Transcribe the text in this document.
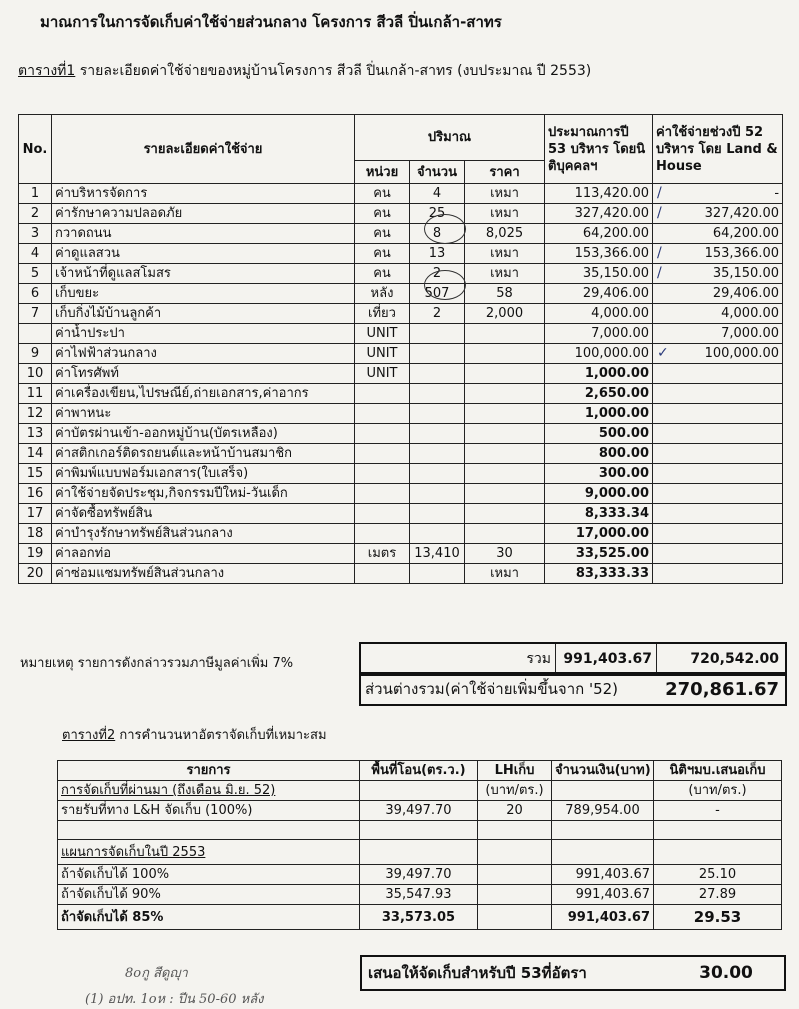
มาณการในการจัดเก็บค่าใช้จ่ายส่วนกลาง โครงการ สีวลี ปิ่นเกล้า-สาทร
ตารางที่1 รายละเอียดค่าใช้จ่ายของหมู่บ้านโครงการ สีวลี ปิ่นเกล้า-สาทร (งบประมาณ ปี 2553)
No.	รายละเอียดค่าใช้จ่าย	ปริมาณ			ประมาณการปี 53 บริหาร โดยนิติบุคคลฯ	ค่าใช้จ่ายช่วงปี 52 บริหาร โดย Land & House
		หน่วย	จำนวน	ราคา		
1	ค่าบริหารจัดการ	คน	4	เหมา	113,420.00	/ -
2	ค่ารักษาความปลอดภัย	คน	25	เหมา	327,420.00	/ 327,420.00
3	กวาดถนน	คน	8	8,025	64,200.00	64,200.00
4	ค่าดูแลสวน	คน	13	เหมา	153,366.00	/ 153,366.00
5	เจ้าหน้าที่ดูแลสโมสร	คน	2	เหมา	35,150.00	/ 35,150.00
6	เก็บขยะ	หลัง	507	58	29,406.00	29,406.00
7	เก็บกิ่งไม้บ้านลูกค้า	เที่ยว	2	2,000	4,000.00	4,000.00
	ค่าน้ำประปา	UNIT			7,000.00	7,000.00
9	ค่าไฟฟ้าส่วนกลาง	UNIT			100,000.00	✓ 100,000.00
10	ค่าโทรศัพท์	UNIT			1,000.00	
11	ค่าเครื่องเขียน,ไปรษณีย์,ถ่ายเอกสาร,ค่าอากร				2,650.00	
12	ค่าพาหนะ				1,000.00	
13	ค่าบัตรผ่านเข้า-ออกหมู่บ้าน(บัตรเหลือง)				500.00	
14	ค่าสติกเกอร์ติดรถยนต์และหน้าบ้านสมาชิก				800.00	
15	ค่าพิมพ์แบบฟอร์มเอกสาร(ใบเสร็จ)				300.00	
16	ค่าใช้จ่ายจัดประชุม,กิจกรรมปีใหม่-วันเด็ก				9,000.00	
17	ค่าจัดซื้อทรัพย์สิน				8,333.34	
18	ค่าบำรุงรักษาทรัพย์สินส่วนกลาง				17,000.00	
19	ค่าลอกท่อ	เมตร	13,410	30	33,525.00	
20	ค่าซ่อมแซมทรัพย์สินส่วนกลาง			เหมา	83,333.33	
หมายเหตุ รายการดังกล่าวรวมภาษีมูลค่าเพิ่ม 7%	รวม 991,403.67	720,542.00
ส่วนต่างรวม(ค่าใช้จ่ายเพิ่มขึ้นจาก '52)	270,861.67
ตารางที่2 การคำนวนหาอัตราจัดเก็บที่เหมาะสม
รายการ	พื้นที่โอน(ตร.ว.)	LHเก็บ	จำนวนเงิน(บาท)	นิติฯมบ.เสนอเก็บ
การจัดเก็บที่ผ่านมา (ถึงเดือน มิ.ย. 52)		(บาท/ตร.)		(บาท/ตร.)
รายรับที่ทาง L&H จัดเก็บ (100%)	39,497.70	20	789,954.00	-

แผนการจัดเก็บในปี 2553				
ถ้าจัดเก็บได้ 100%	39,497.70		991,403.67	25.10
ถ้าจัดเก็บได้ 90%	35,547.93		991,403.67	27.89
ถ้าจัดเก็บได้ 85%	33,573.05		991,403.67	29.53
เสนอให้จัดเก็บสำหรับปี 53ที่อัตรา	30.00
8oกู สีดูญุา
(1) อปท. 1oห : ปีน 50-60 หลัง
